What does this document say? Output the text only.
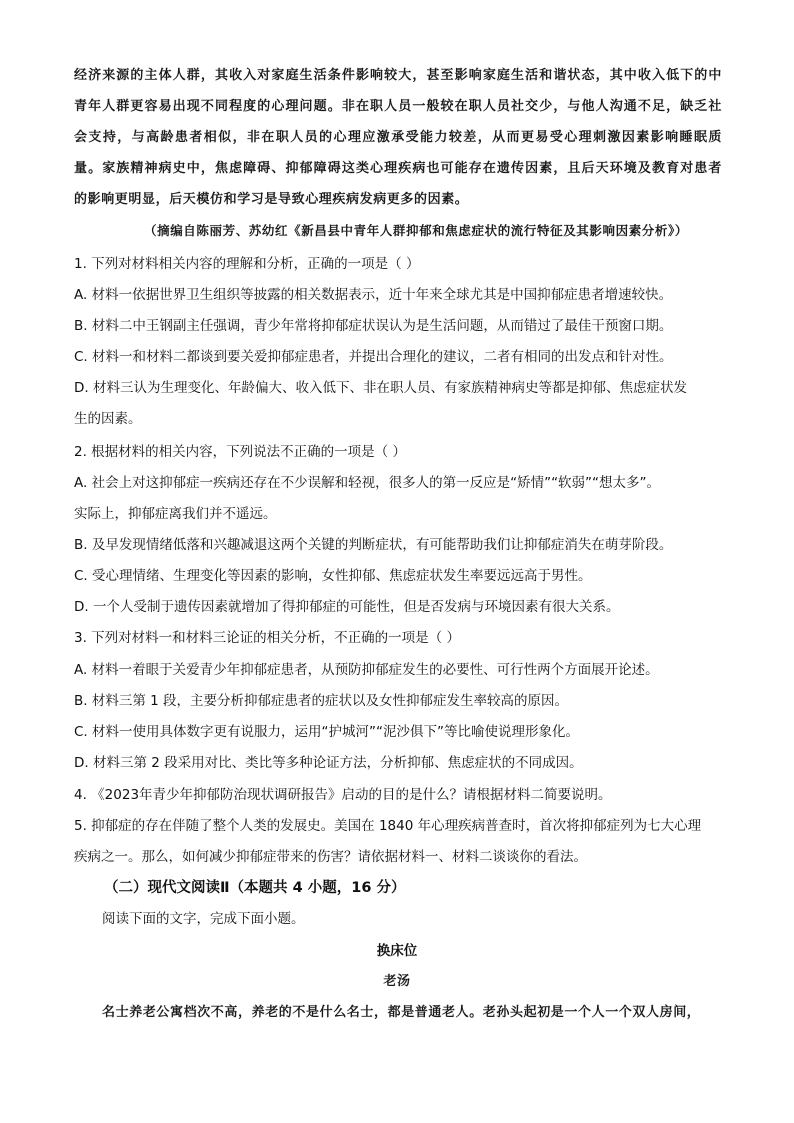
经济来源的主体人群，其收入对家庭生活条件影响较大，甚至影响家庭生活和谐状态，其中收入低下的中
青年人群更容易出现不同程度的心理问题。非在职人员一般较在职人员社交少，与他人沟通不足，缺乏社
会支持，与高龄患者相似，非在职人员的心理应激承受能力较差，从而更易受心理刺激因素影响睡眠质
量。家族精神病史中，焦虑障碍、抑郁障碍这类心理疾病也可能存在遗传因素，且后天环境及教育对患者
的影响更明显，后天模仿和学习是导致心理疾病发病更多的因素。
（摘编自陈丽芳、苏幼红《新昌县中青年人群抑郁和焦虑症状的流行特征及其影响因素分析》）
1. 下列对材料相关内容的理解和分析，正确的一项是（ ）
A. 材料一依据世界卫生组织等披露的相关数据表示，近十年来全球尤其是中国抑郁症患者增速较快。
B. 材料二中王钢副主任强调，青少年常将抑郁症状误认为是生活问题，从而错过了最佳干预窗口期。
C. 材料一和材料二都谈到要关爱抑郁症患者，并提出合理化的建议，二者有相同的出发点和针对性。
D. 材料三认为生理变化、年龄偏大、收入低下、非在职人员、有家族精神病史等都是抑郁、焦虑症状发
生的因素。
2. 根据材料的相关内容，下列说法不正确的一项是（ ）
A. 社会上对这抑郁症一疾病还存在不少误解和轻视，很多人的第一反应是“矫情”“软弱”“想太多”。
实际上，抑郁症离我们并不遥远。
B. 及早发现情绪低落和兴趣减退这两个关键的判断症状，有可能帮助我们让抑郁症消失在萌芽阶段。
C. 受心理情绪、生理变化等因素的影响，女性抑郁、焦虑症状发生率要远远高于男性。
D. 一个人受制于遗传因素就增加了得抑郁症的可能性，但是否发病与环境因素有很大关系。
3. 下列对材料一和材料三论证的相关分析，不正确的一项是（ ）
A. 材料一着眼于关爱青少年抑郁症患者，从预防抑郁症发生的必要性、可行性两个方面展开论述。
B. 材料三第 1 段，主要分析抑郁症患者的症状以及女性抑郁症发生率较高的原因。
C. 材料一使用具体数字更有说服力，运用“护城河”“泥沙俱下”等比喻使说理形象化。
D. 材料三第 2 段采用对比、类比等多种论证方法，分析抑郁、焦虑症状的不同成因。
4. 《2023年青少年抑郁防治现状调研报告》启动的目的是什么？请根据材料二简要说明。
5. 抑郁症的存在伴随了整个人类的发展史。美国在 1840 年心理疾病普查时，首次将抑郁症列为七大心理
疾病之一。那么，如何减少抑郁症带来的伤害？请依据材料一、材料二谈谈你的看法。
（二）现代文阅读Ⅱ（本题共 4 小题，16 分）
阅读下面的文字，完成下面小题。
换床位
老汤
名士养老公寓档次不高，养老的不是什么名士，都是普通老人。老孙头起初是一个人一个双人房间，
